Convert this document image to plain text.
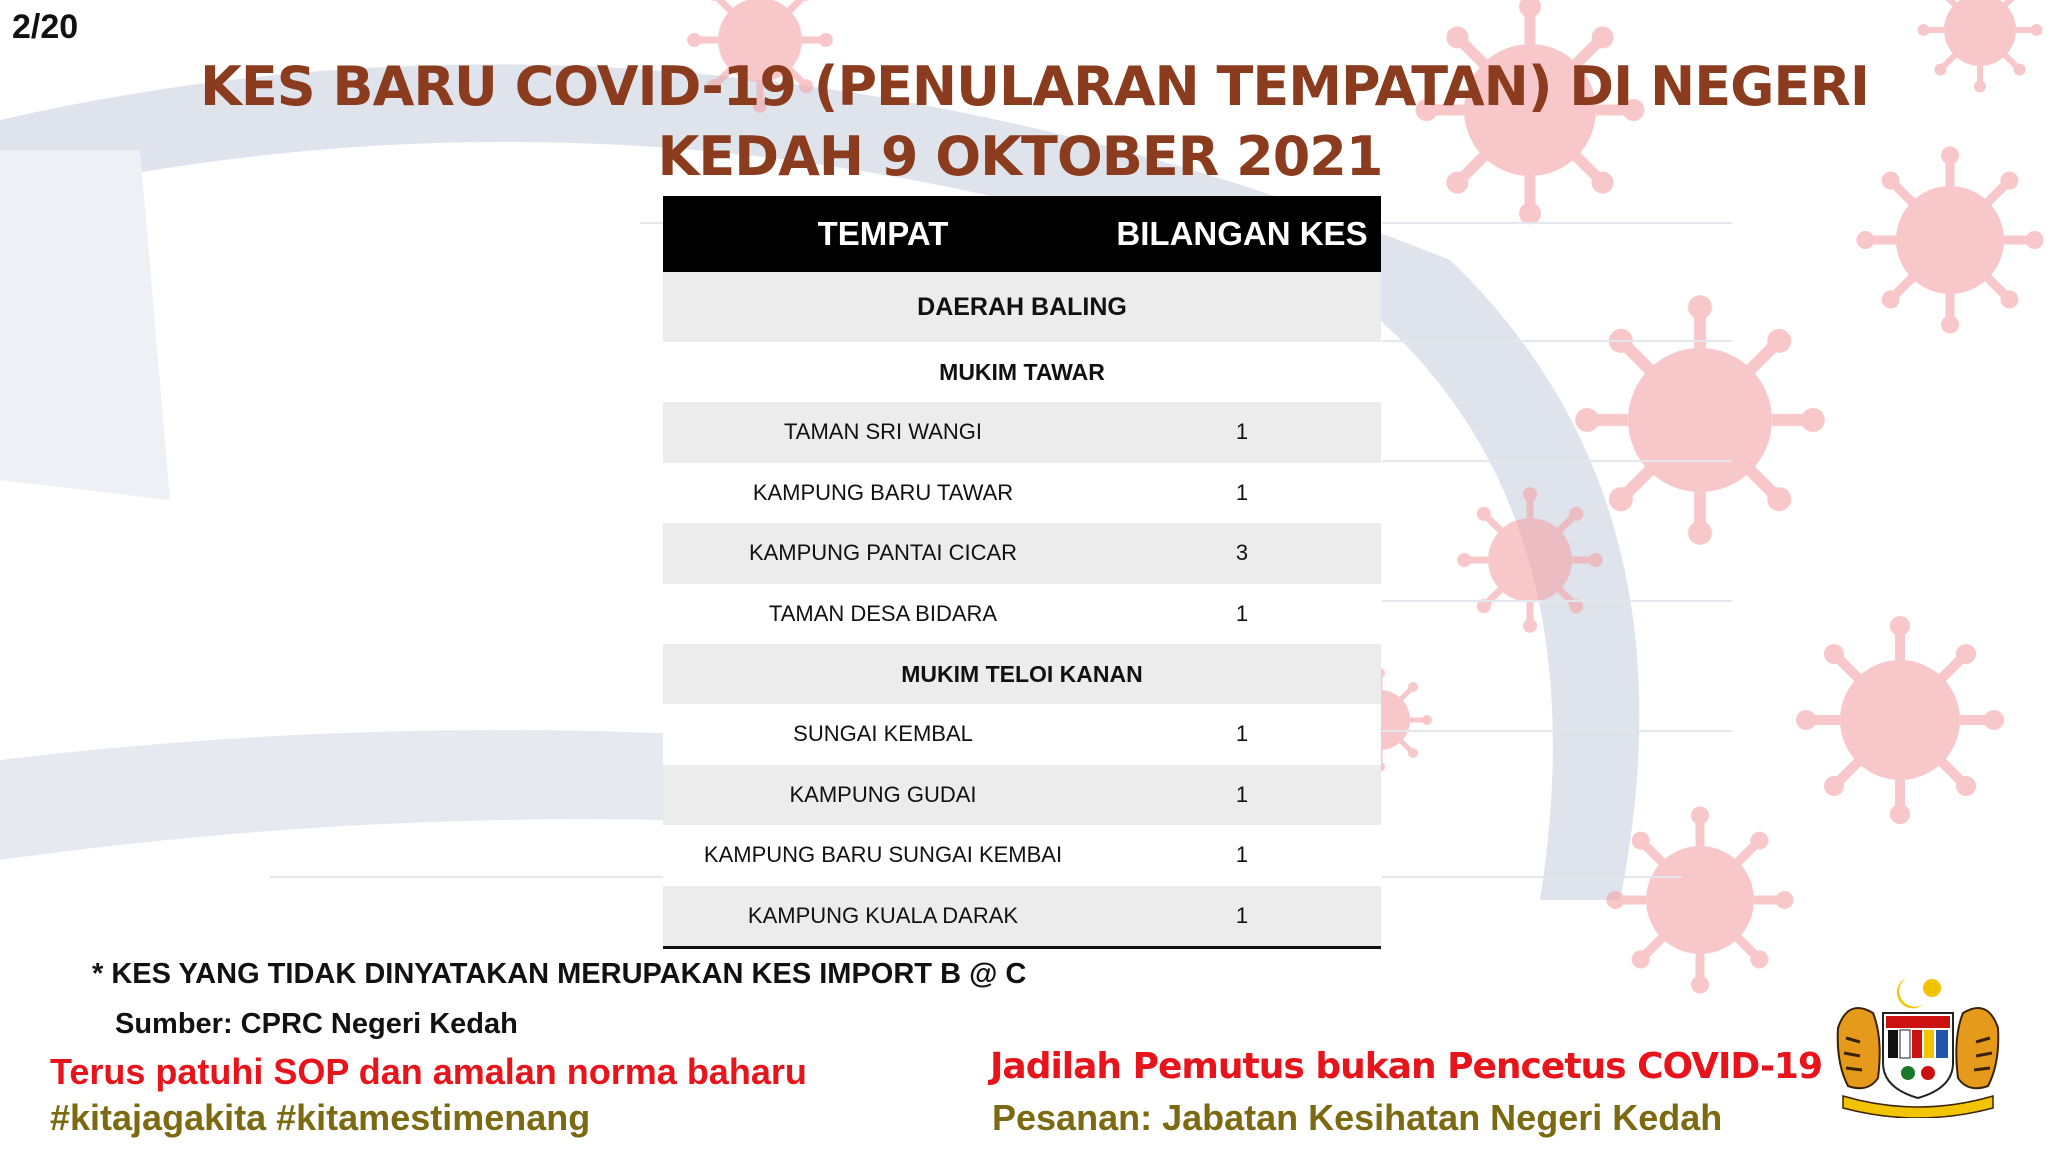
2/20
KES BARU COVID-19 (PENULARAN TEMPATAN) DI NEGERI
KEDAH 9 OKTOBER 2021
TEMPAT	BILANGAN KES
DAERAH BALING
MUKIM TAWAR
TAMAN SRI WANGI	1
KAMPUNG BARU TAWAR	1
KAMPUNG PANTAI CICAR	3
TAMAN DESA BIDARA	1
MUKIM TELOI KANAN
SUNGAI KEMBAL	1
KAMPUNG GUDAI	1
KAMPUNG BARU SUNGAI KEMBAI	1
KAMPUNG KUALA DARAK	1
* KES YANG TIDAK DINYATAKAN MERUPAKAN KES IMPORT B @ C
Sumber: CPRC Negeri Kedah
Terus patuhi SOP dan amalan norma baharu
#kitajagakita #kitamestimenang
Jadilah Pemutus bukan Pencetus COVID-19
Pesanan: Jabatan Kesihatan Negeri Kedah
